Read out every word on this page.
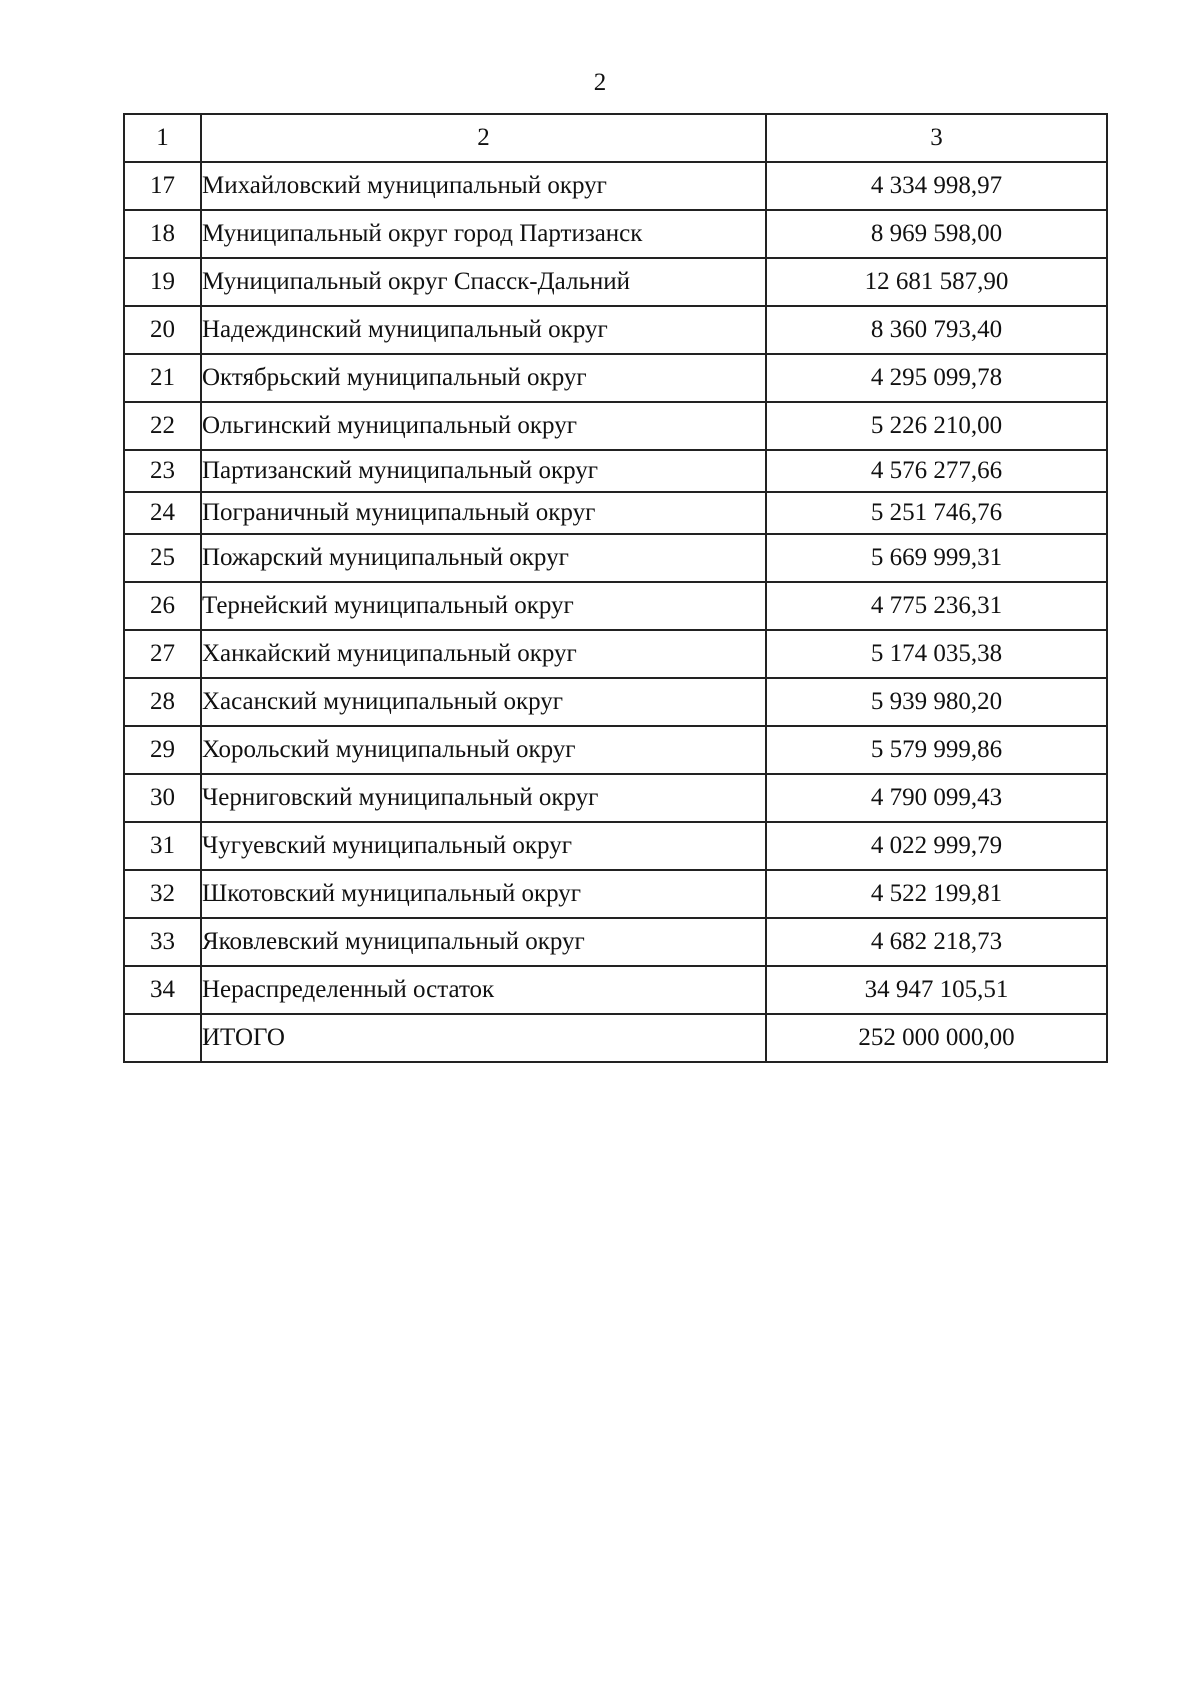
2
1	2	3
17	Михайловский муниципальный округ	4 334 998,97
18	Муниципальный округ город Партизанск	8 969 598,00
19	Муниципальный округ Спасск-Дальний	12 681 587,90
20	Надеждинский муниципальный округ	8 360 793,40
21	Октябрьский муниципальный округ	4 295 099,78
22	Ольгинский муниципальный округ	5 226 210,00
23	Партизанский муниципальный округ	4 576 277,66
24	Пограничный муниципальный округ	5 251 746,76
25	Пожарский муниципальный округ	5 669 999,31
26	Тернейский муниципальный округ	4 775 236,31
27	Ханкайский муниципальный округ	5 174 035,38
28	Хасанский муниципальный округ	5 939 980,20
29	Хорольский муниципальный округ	5 579 999,86
30	Черниговский муниципальный округ	4 790 099,43
31	Чугуевский муниципальный округ	4 022 999,79
32	Шкотовский муниципальный округ	4 522 199,81
33	Яковлевский муниципальный округ	4 682 218,73
34	Нераспределенный остаток	34 947 105,51
	ИТОГО	252 000 000,00
